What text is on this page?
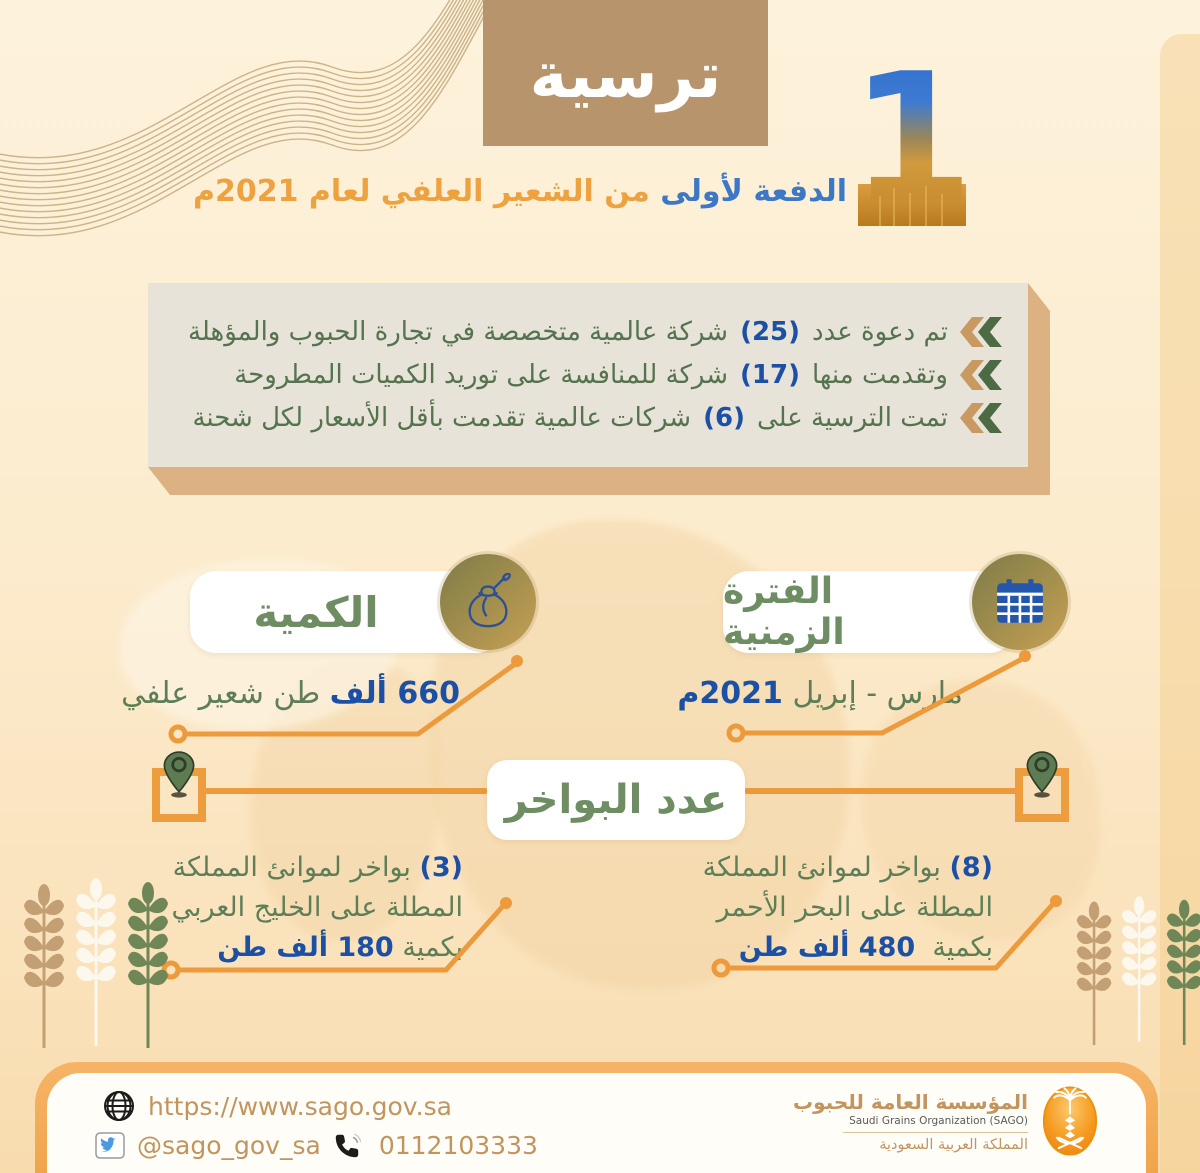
ترسية 1
الدفعة لأولى من الشعير العلفي لعام 2021م
تم دعوة عدد
(25)
شركة عالمية متخصصة في تجارة الحبوب والمؤهلة
وتقدمت منها
(17)
شركة للمنافسة على توريد الكميات المطروحة
تمت الترسية على
(6)
شركات عالمية تقدمت بأقل الأسعار لكل شحنة
الكمية
660 ألف طن شعير علفي
الفترة الزمنية
مارس - إبريل 2021م
عدد البواخر
(3) بواخر لموانئ المملكة
المطلة على الخليج العربي
بكمية 180 ألف طن
(8) بواخر لموانئ المملكة
المطلة على البحر الأحمر
بكمية  480 ألف طن
https://www.sago.gov.sa
@sago_gov_sa 0112103333
المؤسسة العامة للحبوب
Saudi Grains Organization (SAGO)
المملكة العربية السعودية
